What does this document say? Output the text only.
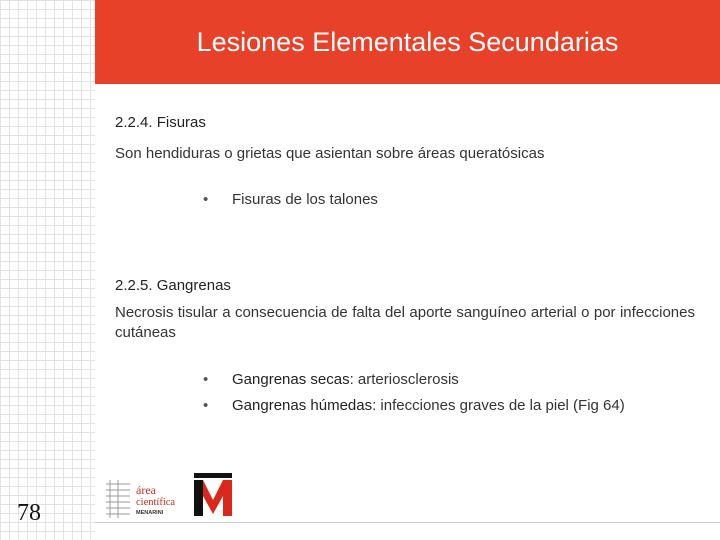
Lesiones Elementales Secundarias
2.2.4. Fisuras
Son hendiduras o grietas que asientan sobre áreas queratósicas
• Fisuras de los talones
2.2.5. Gangrenas
Necrosis tisular a consecuencia de falta del aporte sanguíneo arterial o por infecciones cutáneas
• Gangrenas secas: arteriosclerosis
• Gangrenas húmedas: infecciones graves de la piel (Fig 64)
78
área
científica
MENARINI
